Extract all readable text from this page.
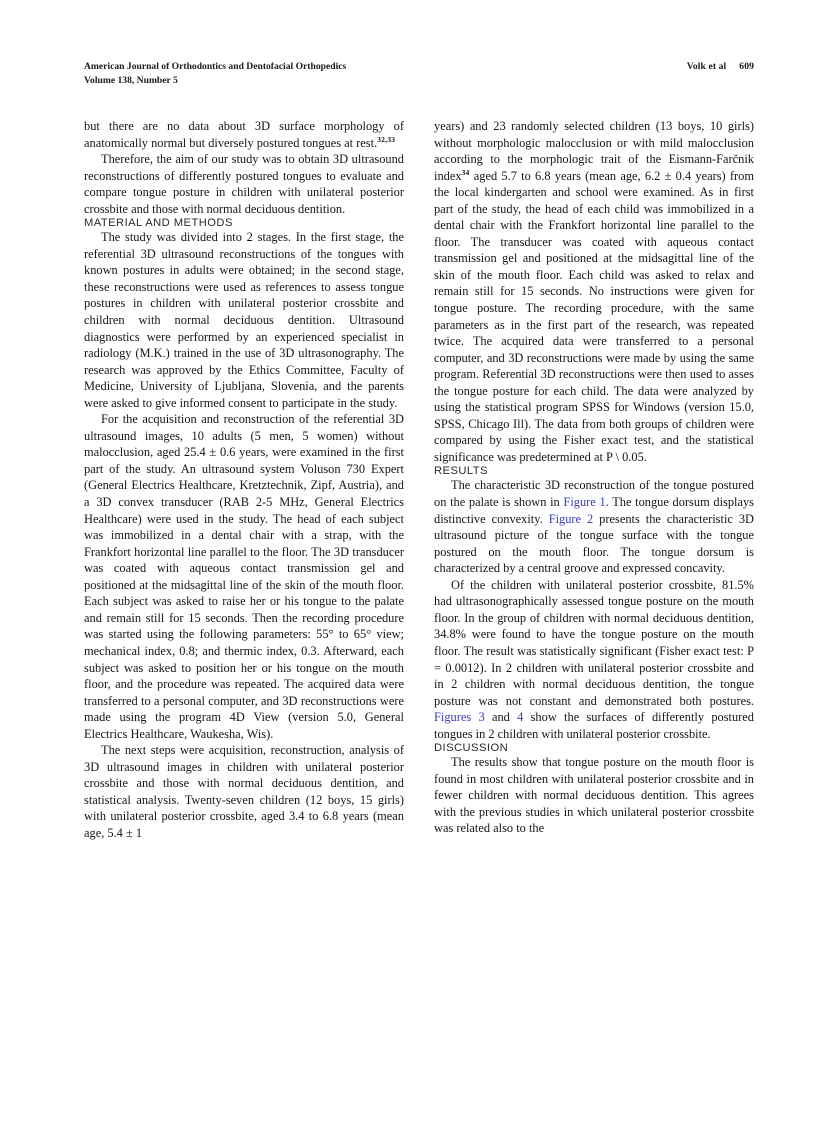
American Journal of Orthodontics and Dentofacial Orthopedics
Volume 138, Number 5
Volk et al 609

but there are no data about 3D surface morphology of anatomically normal but diversely postured tongues at rest.$^{32,33}$

Therefore, the aim of our study was to obtain 3D ultrasound reconstructions of differently postured tongues to evaluate and compare tongue posture in children with unilateral posterior crossbite and those with normal deciduous dentition.

MATERIAL AND METHODS

The study was divided into 2 stages. In the first stage, the referential 3D ultrasound reconstructions of the tongues with known postures in adults were obtained; in the second stage, these reconstructions were used as references to assess tongue postures in children with unilateral posterior crossbite and children with normal deciduous dentition. Ultrasound diagnostics were performed by an experienced specialist in radiology (M.K.) trained in the use of 3D ultrasonography. The research was approved by the Ethics Committee, Faculty of Medicine, University of Ljubljana, Slovenia, and the parents were asked to give informed consent to participate in the study.

For the acquisition and reconstruction of the referential 3D ultrasound images, 10 adults (5 men, 5 women) without malocclusion, aged 25.4 ± 0.6 years, were examined in the first part of the study. An ultrasound system Voluson 730 Expert (General Electrics Healthcare, Kretztechnik, Zipf, Austria), and a 3D convex transducer (RAB 2-5 MHz, General Electrics Healthcare) were used in the study. The head of each subject was immobilized in a dental chair with a strap, with the Frankfort horizontal line parallel to the floor. The 3D transducer was coated with aqueous contact transmission gel and positioned at the midsagittal line of the skin of the mouth floor. Each subject was asked to raise her or his tongue to the palate and remain still for 15 seconds. Then the recording procedure was started using the following parameters: 55° to 65° view; mechanical index, 0.8; and thermic index, 0.3. Afterward, each subject was asked to position her or his tongue on the mouth floor, and the procedure was repeated. The acquired data were transferred to a personal computer, and 3D reconstructions were made using the program 4D View (version 5.0, General Electrics Healthcare, Waukesha, Wis).

The next steps were acquisition, reconstruction, analysis of 3D ultrasound images in children with unilateral posterior crossbite and those with normal deciduous dentition, and statistical analysis. Twenty-seven children (12 boys, 15 girls) with unilateral posterior crossbite, aged 3.4 to 6.8 years (mean age, 5.4 ± 1

years) and 23 randomly selected children (13 boys, 10 girls) without morphologic malocclusion or with mild malocclusion according to the morphologic trait of the Eismann-Farčnik index$^{34}$ aged 5.7 to 6.8 years (mean age, 6.2 ± 0.4 years) from the local kindergarten and school were examined. As in first part of the study, the head of each child was immobilized in a dental chair with the Frankfort horizontal line parallel to the floor. The transducer was coated with aqueous contact transmission gel and positioned at the midsagittal line of the skin of the mouth floor. Each child was asked to relax and remain still for 15 seconds. No instructions were given for tongue posture. The recording procedure, with the same parameters as in the first part of the research, was repeated twice. The acquired data were transferred to a personal computer, and 3D reconstructions were made by using the same program. Referential 3D reconstructions were then used to asses the tongue posture for each child. The data were analyzed by using the statistical program SPSS for Windows (version 15.0, SPSS, Chicago Ill). The data from both groups of children were compared by using the Fisher exact test, and the statistical significance was predetermined at P \ 0.05.

RESULTS

The characteristic 3D reconstruction of the tongue postured on the palate is shown in Figure 1. The tongue dorsum displays distinctive convexity. Figure 2 presents the characteristic 3D ultrasound picture of the tongue surface with the tongue postured on the mouth floor. The tongue dorsum is characterized by a central groove and expressed concavity.

Of the children with unilateral posterior crossbite, 81.5% had ultrasonographically assessed tongue posture on the mouth floor. In the group of children with normal deciduous dentition, 34.8% were found to have the tongue posture on the mouth floor. The result was statistically significant (Fisher exact test: P = 0.0012). In 2 children with unilateral posterior crossbite and in 2 children with normal deciduous dentition, the tongue posture was not constant and demonstrated both postures. Figures 3 and 4 show the surfaces of differently postured tongues in 2 children with unilateral posterior crossbite.

DISCUSSION

The results show that tongue posture on the mouth floor is found in most children with unilateral posterior crossbite and in fewer children with normal deciduous dentition. This agrees with the previous studies in which unilateral posterior crossbite was related also to the
